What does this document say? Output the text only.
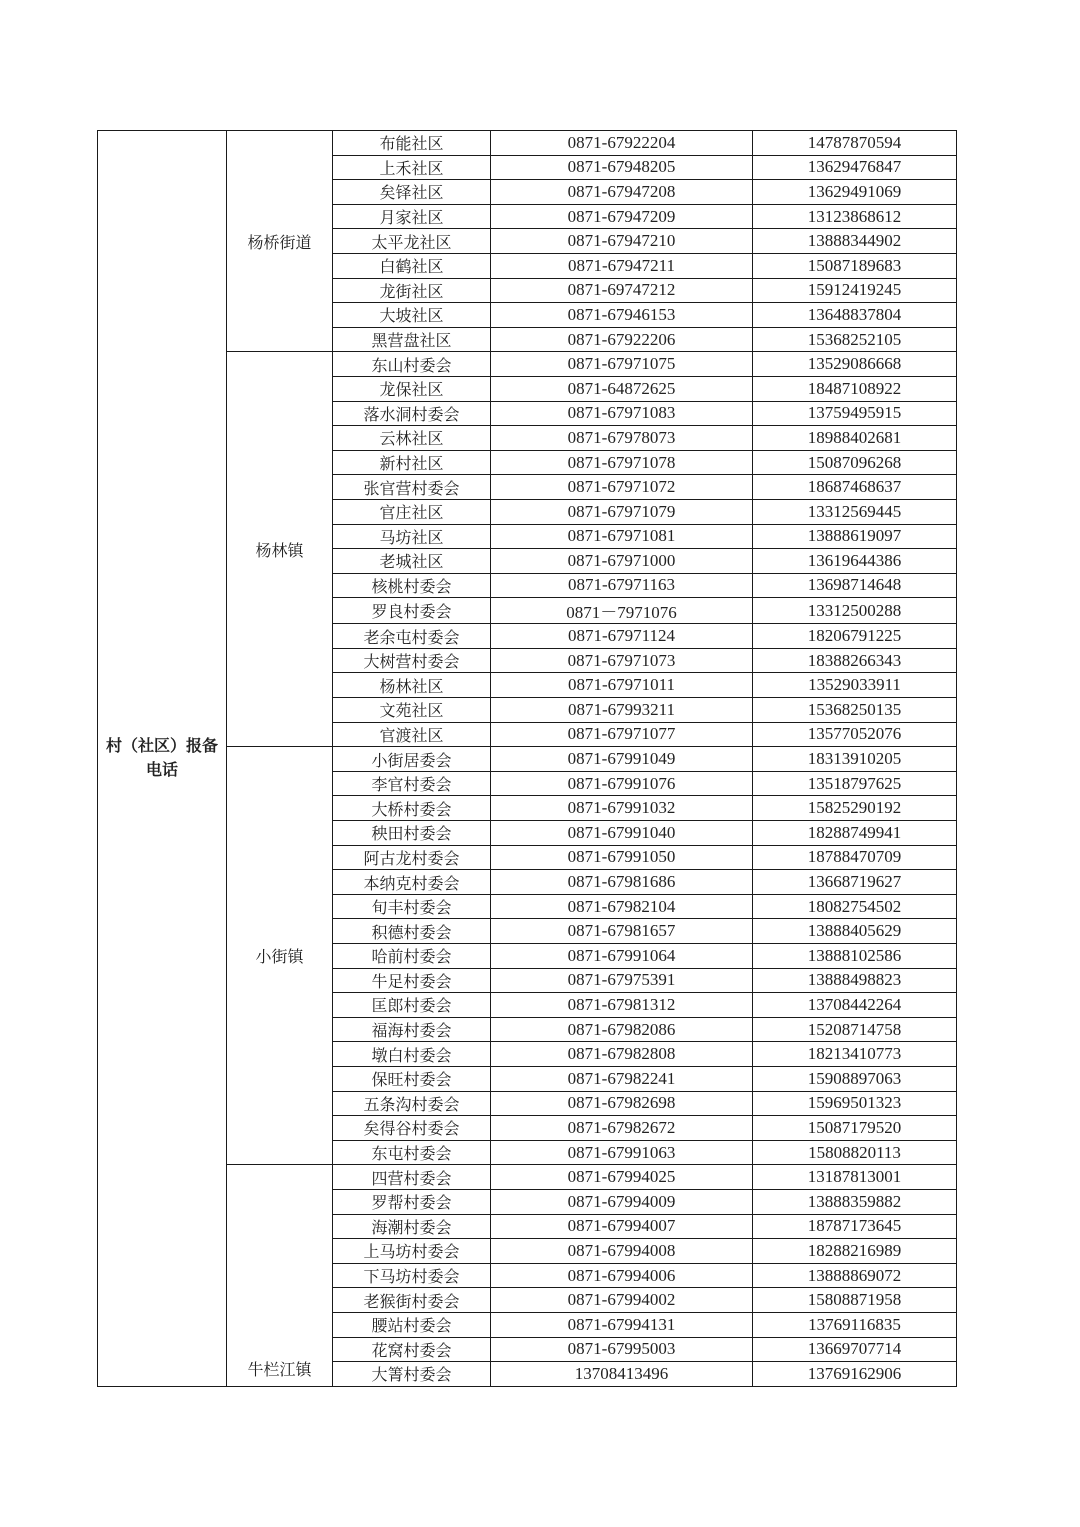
村（社区）报备电话	杨桥街道	布能社区	0871-67922204	14787870594
		上禾社区	0871-67948205	13629476847
		矣铎社区	0871-67947208	13629491069
		月家社区	0871-67947209	13123868612
		太平龙社区	0871-67947210	13888344902
		白鹤社区	0871-67947211	15087189683
		龙街社区	0871-69747212	15912419245
		大坡社区	0871-67946153	13648837804
		黑营盘社区	0871-67922206	15368252105
	杨林镇	东山村委会	0871-67971075	13529086668
		龙保社区	0871-64872625	18487108922
		落水洞村委会	0871-67971083	13759495915
		云林社区	0871-67978073	18988402681
		新村社区	0871-67971078	15087096268
		张官营村委会	0871-67971072	18687468637
		官庄社区	0871-67971079	13312569445
		马坊社区	0871-67971081	13888619097
		老城社区	0871-67971000	13619644386
		核桃村委会	0871-67971163	13698714648
		罗良村委会	0871－7971076	13312500288
		老余屯村委会	0871-67971124	18206791225
		大树营村委会	0871-67971073	18388266343
		杨林社区	0871-67971011	13529033911
		文苑社区	0871-67993211	15368250135
		官渡社区	0871-67971077	13577052076
	小街镇	小街居委会	0871-67991049	18313910205
		李官村委会	0871-67991076	13518797625
		大桥村委会	0871-67991032	15825290192
		秧田村委会	0871-67991040	18288749941
		阿古龙村委会	0871-67991050	18788470709
		本纳克村委会	0871-67981686	13668719627
		旬丰村委会	0871-67982104	18082754502
		积德村委会	0871-67981657	13888405629
		哈前村委会	0871-67991064	13888102586
		牛足村委会	0871-67975391	13888498823
		匡郎村委会	0871-67981312	13708442264
		福海村委会	0871-67982086	15208714758
		墩白村委会	0871-67982808	18213410773
		保旺村委会	0871-67982241	15908897063
		五条沟村委会	0871-67982698	15969501323
		矣得谷村委会	0871-67982672	15087179520
		东屯村委会	0871-67991063	15808820113
	牛栏江镇	四营村委会	0871-67994025	13187813001
		罗帮村委会	0871-67994009	13888359882
		海潮村委会	0871-67994007	18787173645
		上马坊村委会	0871-67994008	18288216989
		下马坊村委会	0871-67994006	13888869072
		老猴街村委会	0871-67994002	15808871958
		腰站村委会	0871-67994131	13769116835
		花窝村委会	0871-67995003	13669707714
		大箐村委会	13708413496	13769162906
